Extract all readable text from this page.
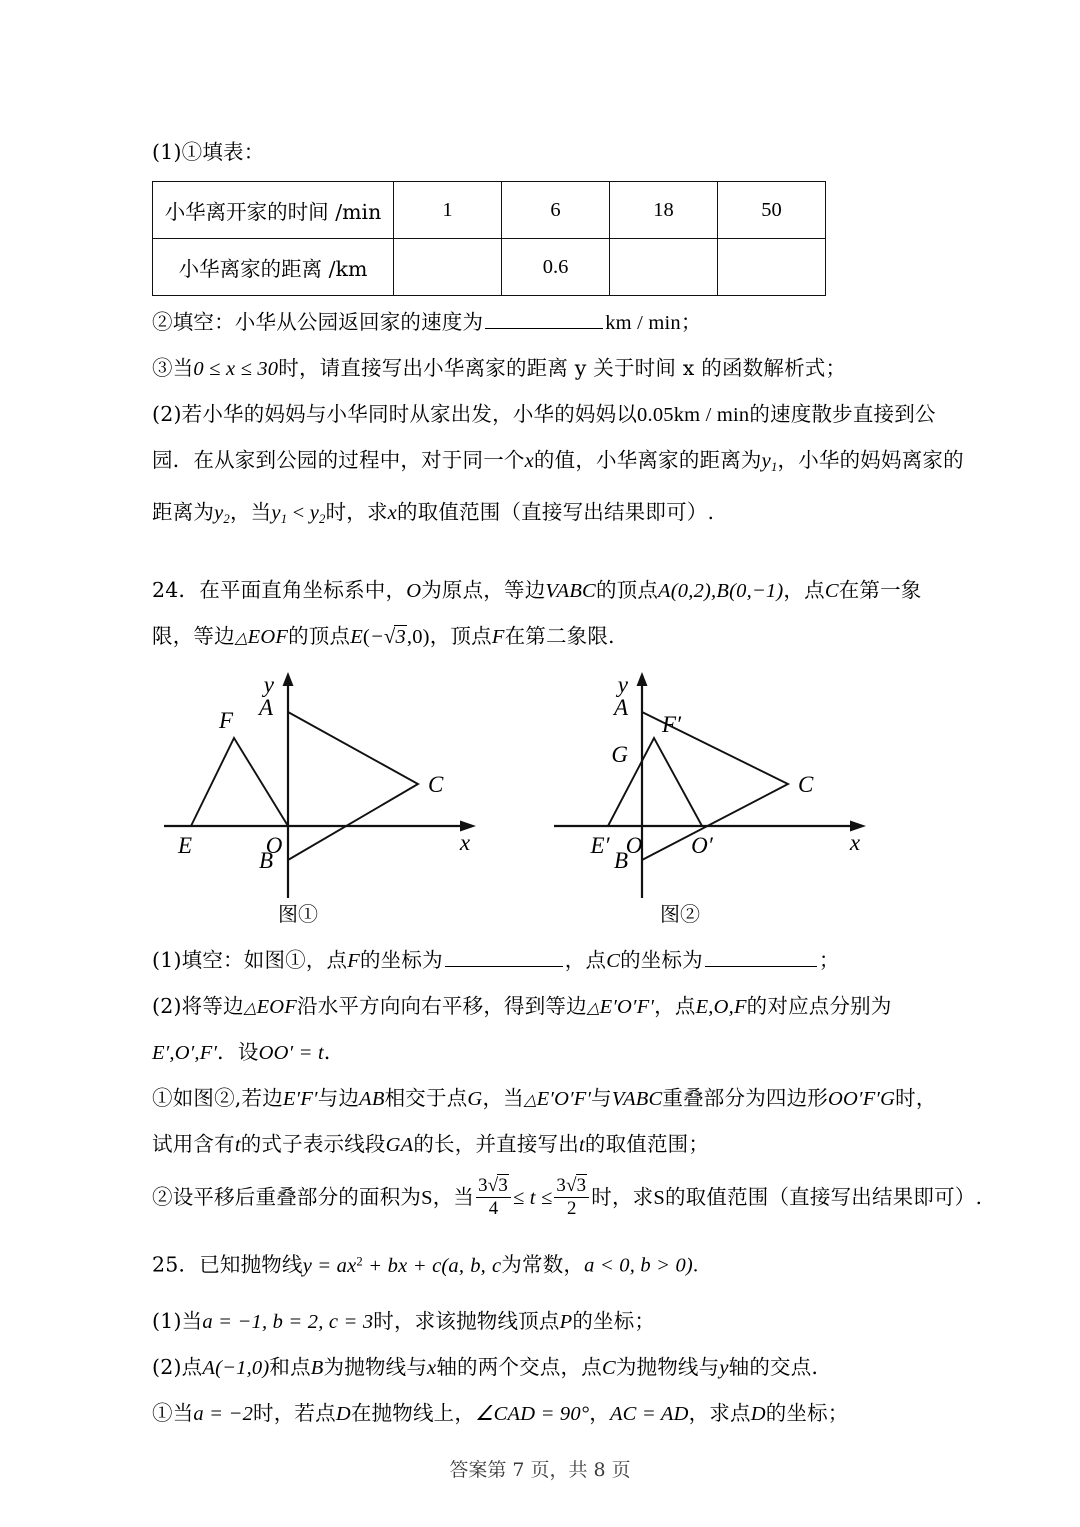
(1)①填表：
小华离开家的时间 /min	1	6	18	50
小华离家的距离 /km		0.6		
②填空：小华从公园返回家的速度为	km / min；
③当0 ≤ x ≤ 30时，请直接写出小华离家的距离 y 关于时间 x 的函数解析式；
(2)若小华的妈妈与小华同时从家出发，小华的妈妈以0.05km / min的速度散步直接到公
园．在从家到公园的过程中，对于同一个x的值，小华离家的距离为$y_1$，小华的妈妈离家的
距离为$y_2$，当$y_1 < y_2$时，求x的取值范围（直接写出结果即可）.
24．在平面直角坐标系中，O为原点，等边VABC的顶点A(0,2),B(0,−1)，点C在第一象
限，等边△EOF的顶点E(−√3,0)，顶点F在第二象限.
F
A
C
E	O
B
x
y
图①
A
G
F′
C
E′ O O′
B
x
y
图②
(1)填空：如图①，点F的坐标为	，点C的坐标为	；
(2)将等边△EOF沿水平方向向右平移，得到等边△E′O′F′，点E,O,F的对应点分别为
E′,O′,F′．设OO′ = t．
①如图②,若边E′F′与边AB相交于点G，当△E′O′F′与VABC重叠部分为四边形OO′F′G时，
试用含有t的式子表示线段GA的长，并直接写出t的取值范围；
②设平移后重叠部分的面积为S，当 $\frac{3√3}{4} \le t \le \frac{3√3}{2}$ 时，求S的取值范围（直接写出结果即可）.
25．已知抛物线$y = ax^2$ + bx + c(a, b, c为常数，a < 0, b > 0).
(1)当a = −1, b = 2, c = 3时，求该抛物线顶点P的坐标；
(2)点A(−1,0)和点B为抛物线与x轴的两个交点，点C为抛物线与y轴的交点．
①当a = −2时，若点D在抛物线上，∠CAD = 90°，AC = AD，求点D的坐标；
答案第 7 页，共 8 页
